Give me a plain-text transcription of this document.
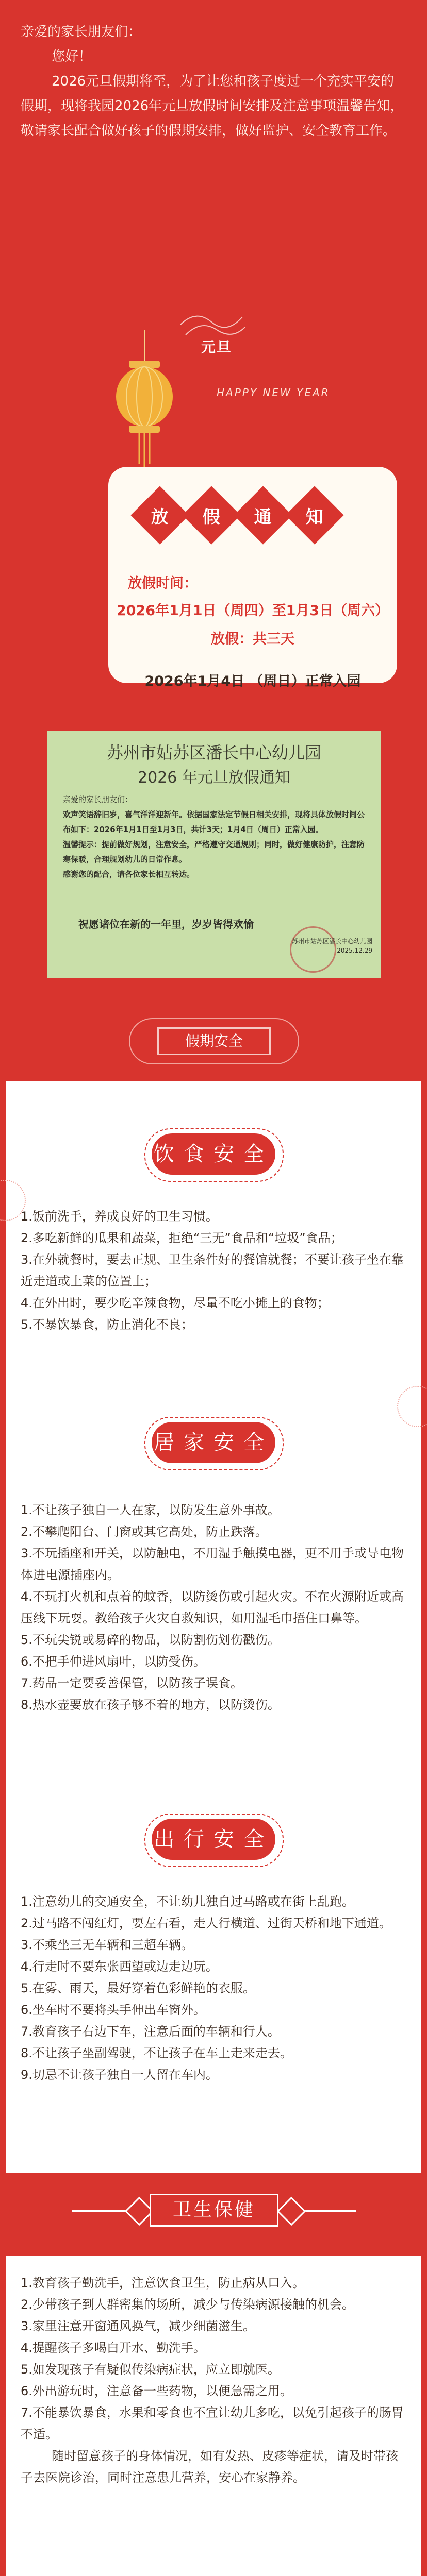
亲爱的家长朋友们：

您好！

2026元旦假期将至，为了让您和孩子度过一个充实平安的假期，现将我园2026年元旦放假时间安排及注意事项温馨告知，敬请家长配合做好孩子的假期安排，做好监护、安全教育工作。

元旦
HAPPY NEW YEAR
放 假 通 知
放假时间：
2026年1月1日（周四）至1月3日（周六）
放假：共三天
2026年1月4日 （周日）正常入园
苏州市姑苏区潘长中心幼儿园
2026 年元旦放假通知
亲爱的家长朋友们：
欢声笑语辞旧岁，喜气洋洋迎新年。依据国家法定节假日相关安排，现将具体放假时间公布如下：2026年1月1日至1月3日，共计3天；1月4日（周日）正常入园。
温馨提示：提前做好规划，注意安全，严格遵守交通规则；同时，做好健康防护，注意防寒保暖，合理规划幼儿的日常作息。
感谢您的配合，请各位家长相互转达。
祝愿诸位在新的一年里，岁岁皆得欢愉
苏州市姑苏区潘长中心幼儿园
2025.12.29
假期安全
饮食安全

1.饭前洗手，养成良好的卫生习惯。

2.多吃新鲜的瓜果和蔬菜，拒绝“三无”食品和“垃圾”食品；

3.在外就餐时，要去正规、卫生条件好的餐馆就餐；不要让孩子坐在靠近走道或上菜的位置上；

4.在外出时，要少吃辛辣食物，尽量不吃小摊上的食物；

5.不暴饮暴食，防止消化不良；

居家安全

1.不让孩子独自一人在家，以防发生意外事故。

2.不攀爬阳台、门窗或其它高处，防止跌落。

3.不玩插座和开关，以防触电，不用湿手触摸电器，更不用手或导电物体进电源插座内。

4.不玩打火机和点着的蚊香，以防烫伤或引起火灾。不在火源附近或高压线下玩耍。教给孩子火灾自救知识，如用湿毛巾捂住口鼻等。

5.不玩尖锐或易碎的物品，以防割伤划伤戳伤。

6.不把手伸进风扇叶，以防受伤。

7.药品一定要妥善保管，以防孩子误食。

8.热水壶要放在孩子够不着的地方，以防烫伤。

出行安全

1.注意幼儿的交通安全，不让幼儿独自过马路或在街上乱跑。

2.过马路不闯红灯，要左右看，走人行横道、过街天桥和地下通道。

3.不乘坐三无车辆和三超车辆。

4.行走时不要东张西望或边走边玩。

5.在雾、雨天，最好穿着色彩鲜艳的衣服。

6.坐车时不要将头手伸出车窗外。

7.教育孩子右边下车，注意后面的车辆和行人。

8.不让孩子坐副驾驶，不让孩子在车上走来走去。

9.切忌不让孩子独自一人留在车内。

卫生保健

1.教育孩子勤洗手，注意饮食卫生，防止病从口入。

2.少带孩子到人群密集的场所，减少与传染病源接触的机会。

3.家里注意开窗通风换气，减少细菌滋生。

4.提醒孩子多喝白开水、勤洗手。

5.如发现孩子有疑似传染病症状，应立即就医。

6.外出游玩时，注意备一些药物，以便急需之用。

7.不能暴饮暴食，水果和零食也不宜让幼儿多吃，以免引起孩子的肠胃不适。

随时留意孩子的身体情况，如有发热、皮疹等症状，请及时带孩子去医院诊治，同时注意患儿营养，安心在家静养。
